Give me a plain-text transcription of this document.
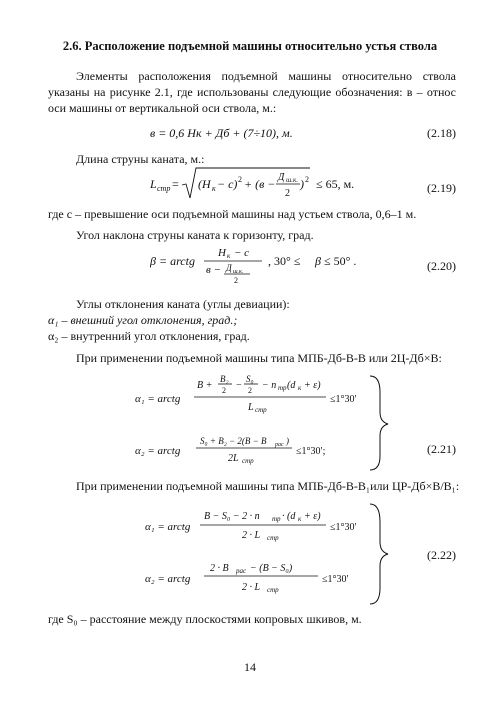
2.6. Расположение подъемной машины относительно устья ствола
Элементы расположения подъемной машины относительно ствола указаны на рисунке 2.1, где использованы следующие обозначения: в – относ оси машины от вертикальной оси ствола, м.:
в = 0,6 Hк + Дб + (7÷10), м.	(2.18)
Длина струны каната, м.:
L стр = (H к − c) 2 + (в − Д ш.к.
2
) 2 ≤ 65, м.	(2.19)
где с – превышение оси подъемной машины над устьем ствола, 0,6–1 м.
Угол наклона струны каната к горизонту, град.
β = arctg
H к − c
в − Д ш.к.
2
, 30° ≤ β ≤ 50° .	(2.20)
Углы отклонения каната (углы девиации):
α₁ – внешний угол отклонения, град.;
α₂ – внутренний угол отклонения, град.
При применении подъемной машины типа МПБ-Дб-В-В или 2Ц-Дб×В:
α₁ = arctg
B +
B₂
2 −
S₀
2 − n тр (d к + ε)
L стр
≤1°30′
α₂ = arctg
S₀ + B₂ − 2(B − B рас )
2L стр
≤1°30′;	(2.21)
При применении подъемной машины типа МПБ-Дб-В-В₁или ЦР-Дб×В/В₁:
α₁ = arctg
B − S₀ − 2 · n тр · (d к + ε)
2 · L стр
≤1°30′
α₂ = arctg
2 · B рас − (B − S₀)
2 · L стр
≤1°30′
(2.22)
где S₀ – расстояние между плоскостями копровых шкивов, м.
14
